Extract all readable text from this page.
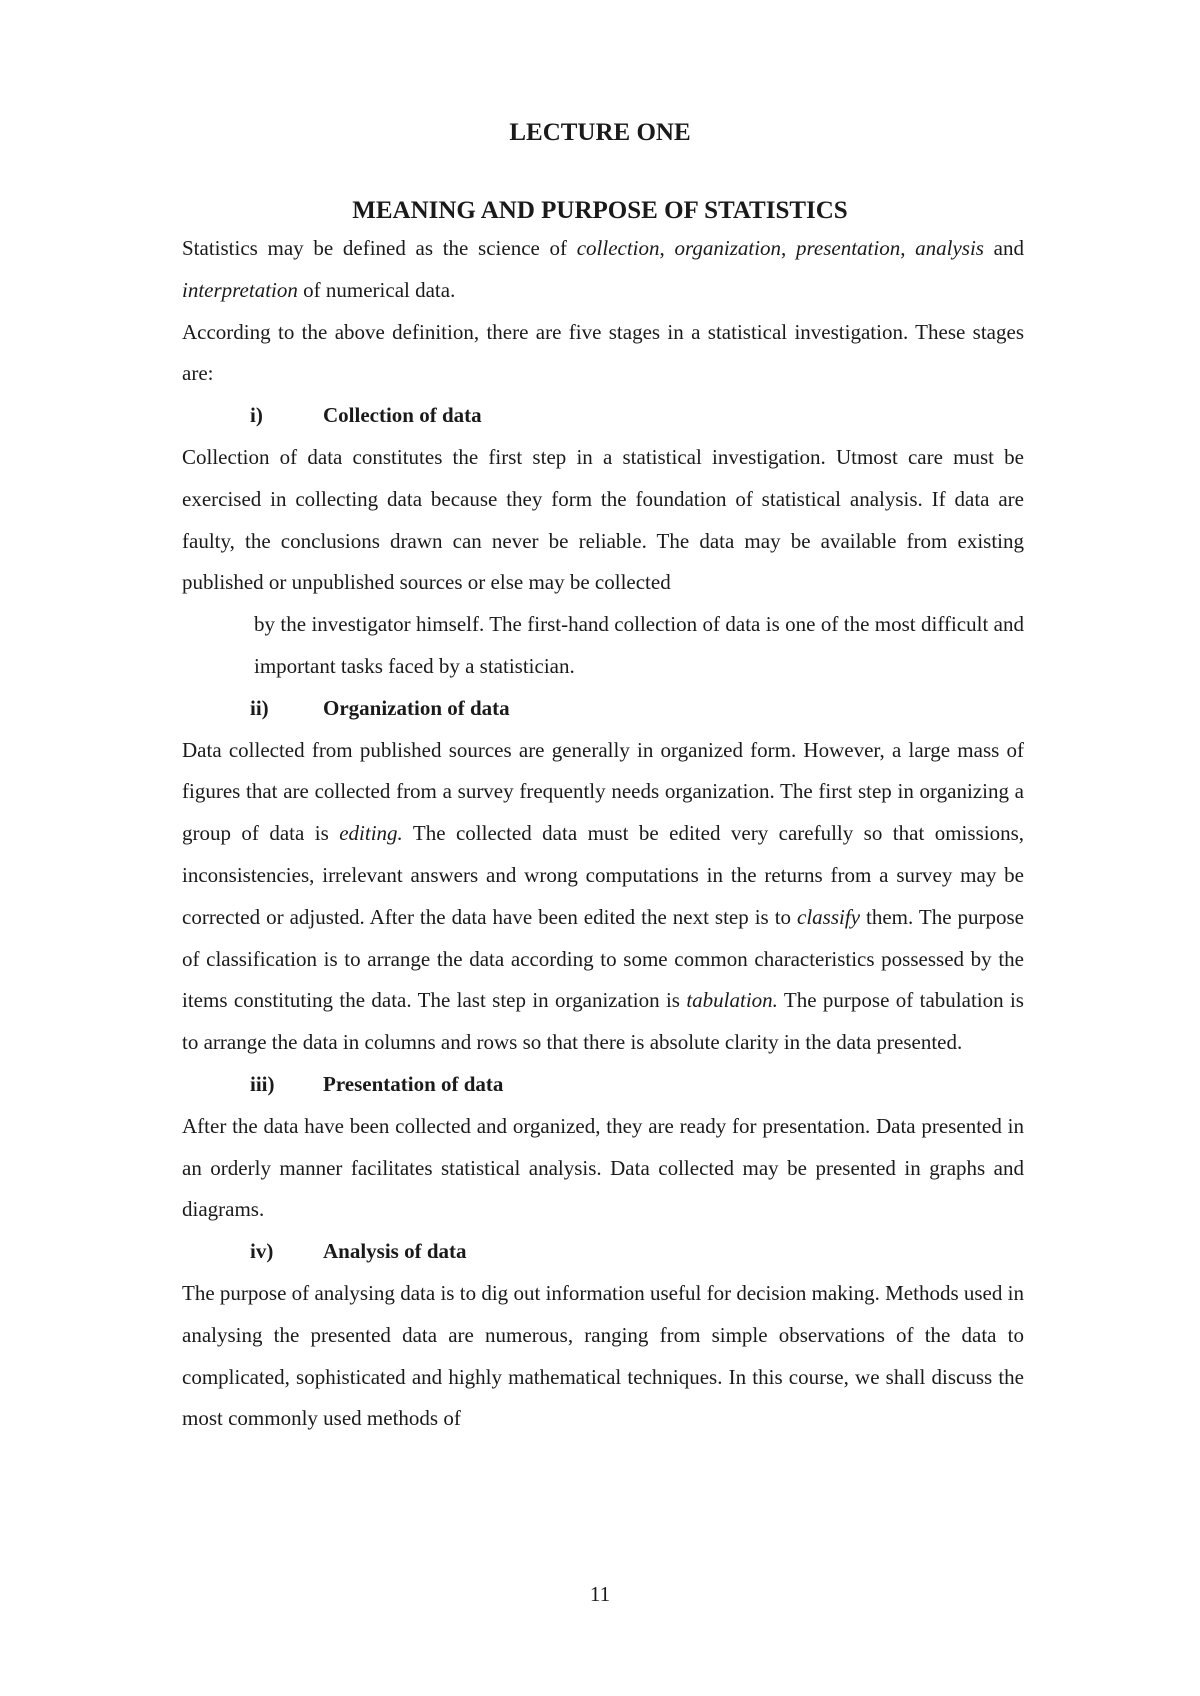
LECTURE ONE
MEANING AND PURPOSE OF STATISTICS

Statistics may be defined as the science of collection, organization, presentation, analysis and interpretation of numerical data.

According to the above definition, there are five stages in a statistical investigation. These stages are:

i)	Collection of data

Collection of data constitutes the first step in a statistical investigation. Utmost care must be exercised in collecting data because they form the foundation of statistical analysis. If data are faulty, the conclusions drawn can never be reliable. The data may be available from existing published or unpublished sources or else may be collected

by the investigator himself. The first-hand collection of data is one of the most difficult and important tasks faced by a statistician.

ii)	Organization of data

Data collected from published sources are generally in organized form. However, a large mass of figures that are collected from a survey frequently needs organization. The first step in organizing a group of data is editing. The collected data must be edited very carefully so that omissions, inconsistencies, irrelevant answers and wrong computations in the returns from a survey may be corrected or adjusted. After the data have been edited the next step is to classify them. The purpose of classification is to arrange the data according to some common characteristics possessed by the items constituting the data. The last step in organization is tabulation. The purpose of tabulation is to arrange the data in columns and rows so that there is absolute clarity in the data presented.

iii)	Presentation of data

After the data have been collected and organized, they are ready for presentation. Data presented in an orderly manner facilitates statistical analysis. Data collected may be presented in graphs and diagrams.

iv)	Analysis of data

The purpose of analysing data is to dig out information useful for decision making. Methods used in analysing the presented data are numerous, ranging from simple observations of the data to complicated, sophisticated and highly mathematical techniques. In this course, we shall discuss the most commonly used methods of

11
